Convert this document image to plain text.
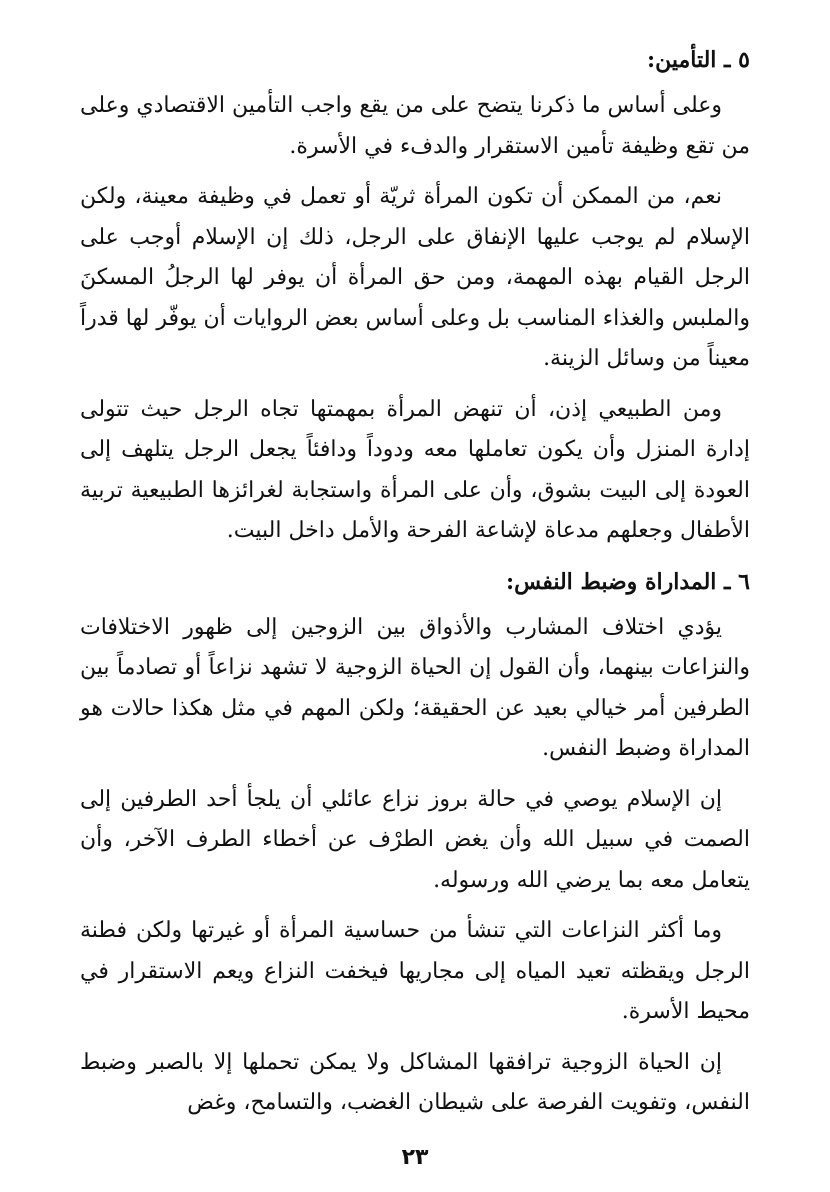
٥ ـ التأمين:

وعلى أساس ما ذكرنا يتضح على من يقع واجب التأمين الاقتصادي وعلى من تقع وظيفة تأمين الاستقرار والدفء في الأسرة.

نعم، من الممكن أن تكون المرأة ثريّة أو تعمل في وظيفة معينة، ولكن الإسلام لم يوجب عليها الإنفاق على الرجل، ذلك إن الإسلام أوجب على الرجل القيام بهذه المهمة، ومن حق المرأة أن يوفر لها الرجلُ المسكنَ والملبس والغذاء المناسب بل وعلى أساس بعض الروايات أن يوفّر لها قدراً معيناً من وسائل الزينة.

ومن الطبيعي إذن، أن تنهض المرأة بمهمتها تجاه الرجل حيث تتولى إدارة المنزل وأن يكون تعاملها معه ودوداً ودافئاً يجعل الرجل يتلهف إلى العودة إلى البيت بشوق، وأن على المرأة واستجابة لغرائزها الطبيعية تربية الأطفال وجعلهم مدعاة لإشاعة الفرحة والأمل داخل البيت.

٦ ـ المداراة وضبط النفس:

يؤدي اختلاف المشارب والأذواق بين الزوجين إلى ظهور الاختلافات والنزاعات بينهما، وأن القول إن الحياة الزوجية لا تشهد نزاعاً أو تصادماً بين الطرفين أمر خيالي بعيد عن الحقيقة؛ ولكن المهم في مثل هكذا حالات هو المداراة وضبط النفس.

إن الإسلام يوصي في حالة بروز نزاع عائلي أن يلجأ أحد الطرفين إلى الصمت في سبيل الله وأن يغض الطرْف عن أخطاء الطرف الآخر، وأن يتعامل معه بما يرضي الله ورسوله.

وما أكثر النزاعات التي تنشأ من حساسية المرأة أو غيرتها ولكن فطنة الرجل ويقظته تعيد المياه إلى مجاريها فيخفت النزاع ويعم الاستقرار في محيط الأسرة.

إن الحياة الزوجية ترافقها المشاكل ولا يمكن تحملها إلا بالصبر وضبط النفس، وتفويت الفرصة على شيطان الغضب، والتسامح، وغض

٢٣
